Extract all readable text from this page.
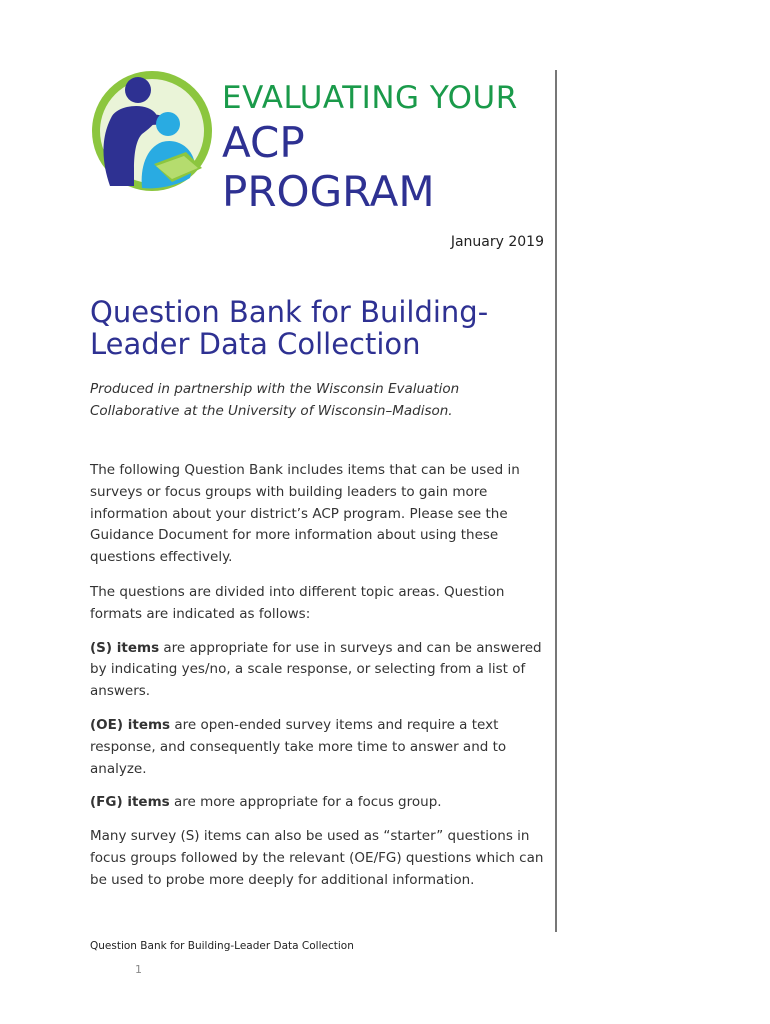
EVALUATING YOUR
ACP
PROGRAM
January 2019
Question Bank for Building-Leader Data Collection
Produced in partnership with the Wisconsin Evaluation Collaborative at the University of Wisconsin–Madison.

The following Question Bank includes items that can be used in surveys or focus groups with building leaders to gain more information about your district’s ACP program. Please see the Guidance Document for more information about using these questions effectively.

The questions are divided into different topic areas. Question formats are indicated as follows:

(S) items are appropriate for use in surveys and can be answered by indicating yes/no, a scale response, or selecting from a list of answers.

(OE) items are open-ended survey items and require a text response, and consequently take more time to answer and to analyze.

(FG) items are more appropriate for a focus group.

Many survey (S) items can also be used as “starter” questions in focus groups followed by the relevant (OE/FG) questions which can be used to probe more deeply for additional information.

Question Bank for Building-Leader Data Collection
1
